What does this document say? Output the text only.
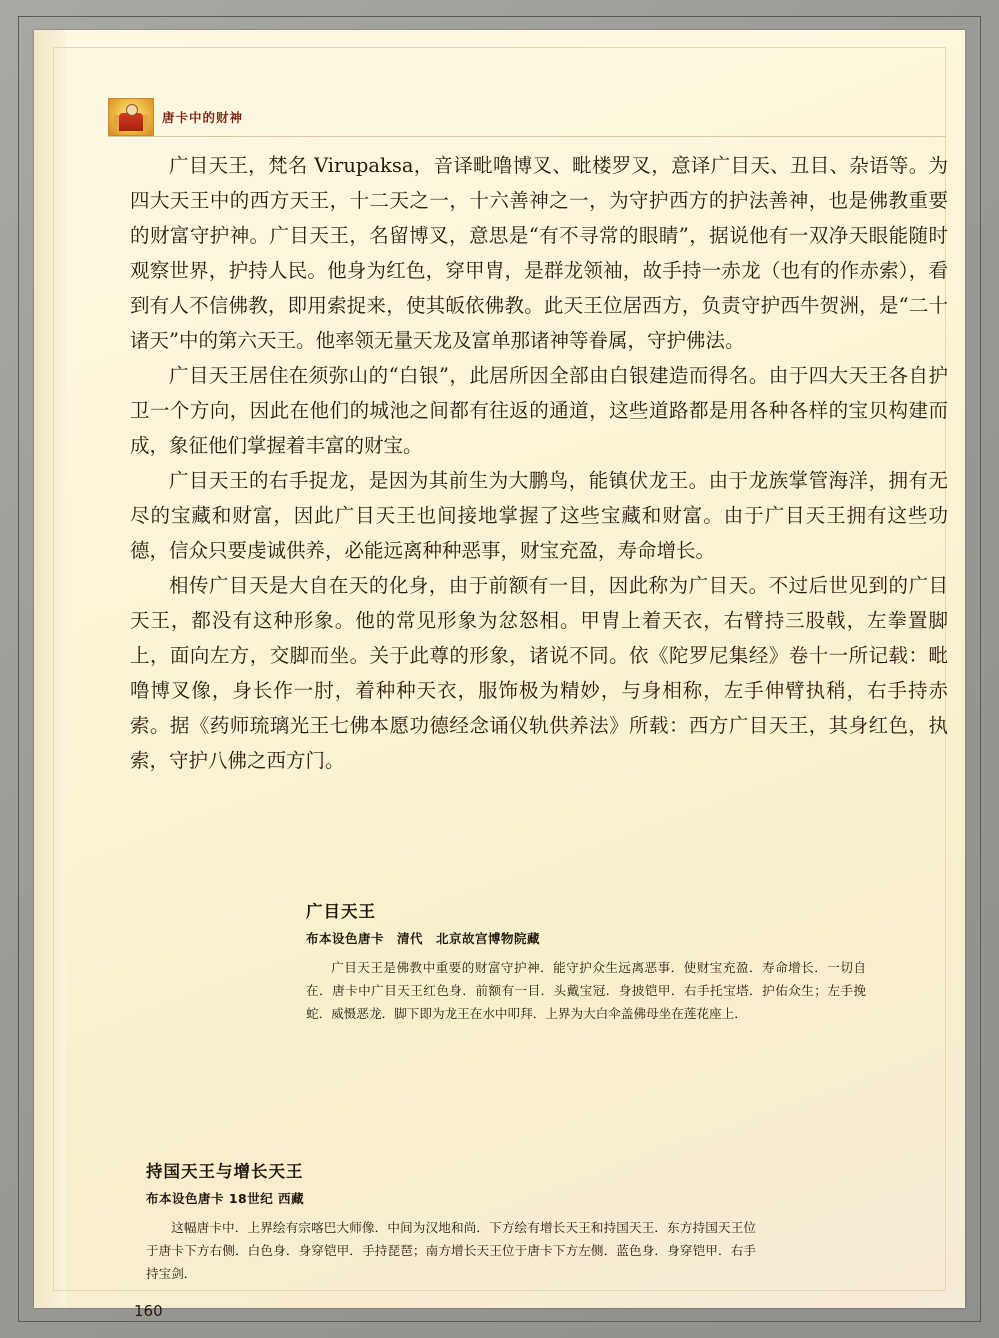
唐卡中的财神

广目天王，梵名 Virupaksa，音译毗噜博叉、毗楼罗叉，意译广目天、丑目、杂语等。为四大天王中的西方天王，十二天之一，十六善神之一，为守护西方的护法善神，也是佛教重要的财富守护神。广目天王，名留博叉，意思是“有不寻常的眼睛”，据说他有一双净天眼能随时观察世界，护持人民。他身为红色，穿甲胄，是群龙领袖，故手持一赤龙（也有的作赤索），看到有人不信佛教，即用索捉来，使其皈依佛教。此天王位居西方，负责守护西牛贺洲，是“二十诸天”中的第六天王。他率领无量天龙及富单那诸神等眷属，守护佛法。

广目天王居住在须弥山的“白银”，此居所因全部由白银建造而得名。由于四大天王各自护卫一个方向，因此在他们的城池之间都有往返的通道，这些道路都是用各种各样的宝贝构建而成，象征他们掌握着丰富的财宝。

广目天王的右手捉龙，是因为其前生为大鹏鸟，能镇伏龙王。由于龙族掌管海洋，拥有无尽的宝藏和财富，因此广目天王也间接地掌握了这些宝藏和财富。由于广目天王拥有这些功德，信众只要虔诚供养，必能远离种种恶事，财宝充盈，寿命增长。

相传广目天是大自在天的化身，由于前额有一目，因此称为广目天。不过后世见到的广目天王，都没有这种形象。他的常见形象为忿怒相。甲胄上着天衣，右臂持三股戟，左拳置脚上，面向左方，交脚而坐。关于此尊的形象，诸说不同。依《陀罗尼集经》卷十一所记载：毗噜博叉像，身长作一肘，着种种天衣，服饰极为精妙，与身相称，左手伸臂执稍，右手持赤索。据《药师琉璃光王七佛本愿功德经念诵仪轨供养法》所载：西方广目天王，其身红色，执索，守护八佛之西方门。

广目天王
布本设色唐卡　清代　北京故宫博物院藏
广目天王是佛教中重要的财富守护神．能守护众生远离恶事．使财宝充盈．寿命增长．一切自在．唐卡中广目天王红色身．前额有一目．头戴宝冠．身披铠甲．右手托宝塔．护佑众生；左手挽蛇．威慑恶龙．脚下即为龙王在水中叩拜．上界为大白伞盖佛母坐在莲花座上．
持国天王与增长天王
布本设色唐卡 18世纪 西藏
这幅唐卡中．上界绘有宗喀巴大师像．中间为汉地和尚．下方绘有增长天王和持国天王．东方持国天王位于唐卡下方右侧．白色身．身穿铠甲．手持琵琶；南方增长天王位于唐卡下方左侧．蓝色身．身穿铠甲．右手持宝剑．
160
